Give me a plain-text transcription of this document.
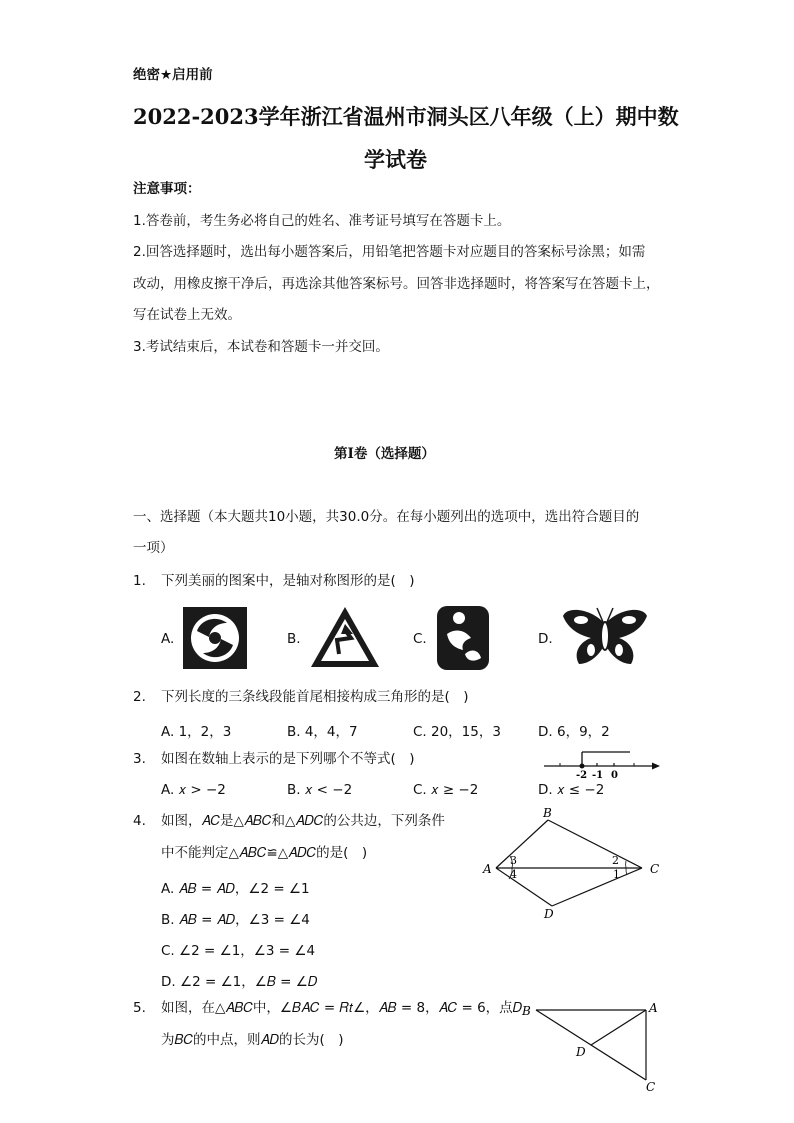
绝密★启用前
2022-2023学年浙江省温州市洞头区八年级（上）期中数
学试卷
注意事项：
1.答卷前，考生务必将自己的姓名、准考证号填写在答题卡上。
2.回答选择题时，选出每小题答案后，用铅笔把答题卡对应题目的答案标号涂黑；如需
改动，用橡皮擦干净后，再选涂其他答案标号。回答非选择题时，将答案写在答题卡上，
写在试卷上无效。
3.考试结束后，本试卷和答题卡一并交回。
第Ⅰ卷（选择题）
一、选择题（本大题共10小题，共30.0分。在每小题列出的选项中，选出符合题目的
一项）
1. 下列美丽的图案中，是轴对称图形的是(　)
A.	B.	C.	D.
2. 下列长度的三条线段能首尾相接构成三角形的是(　)
A. 1，2，3	B. 4，4，7	C. 20，15，3	D. 6，9，2
3. 如图在数轴上表示的是下列哪个不等式(　)
A. 𝑥 > −2	B. 𝑥 < −2	C. 𝑥 ≥ −2	D. 𝑥 ≤ −2
-2 -1 0
4. 如图，𝐴𝐶是△𝐴𝐵𝐶和△𝐴𝐷𝐶的公共边，下列条件
中不能判定△𝐴𝐵𝐶≌△𝐴𝐷𝐶的是(　)
A. 𝐴𝐵 = 𝐴𝐷，∠2 = ∠1
B. 𝐴𝐵 = 𝐴𝐷，∠3 = ∠4
C. ∠2 = ∠1，∠3 = ∠4
D. ∠2 = ∠1，∠𝐵 = ∠𝐷
A
B
C
D
3
4
2
1
5. 如图，在△𝐴𝐵𝐶中，∠𝐵𝐴𝐶 = 𝑅𝑡∠，𝐴𝐵 = 8，𝐴𝐶 = 6，点𝐷
为𝐵𝐶的中点，则𝐴𝐷的长为(　)
B	A
C
D
